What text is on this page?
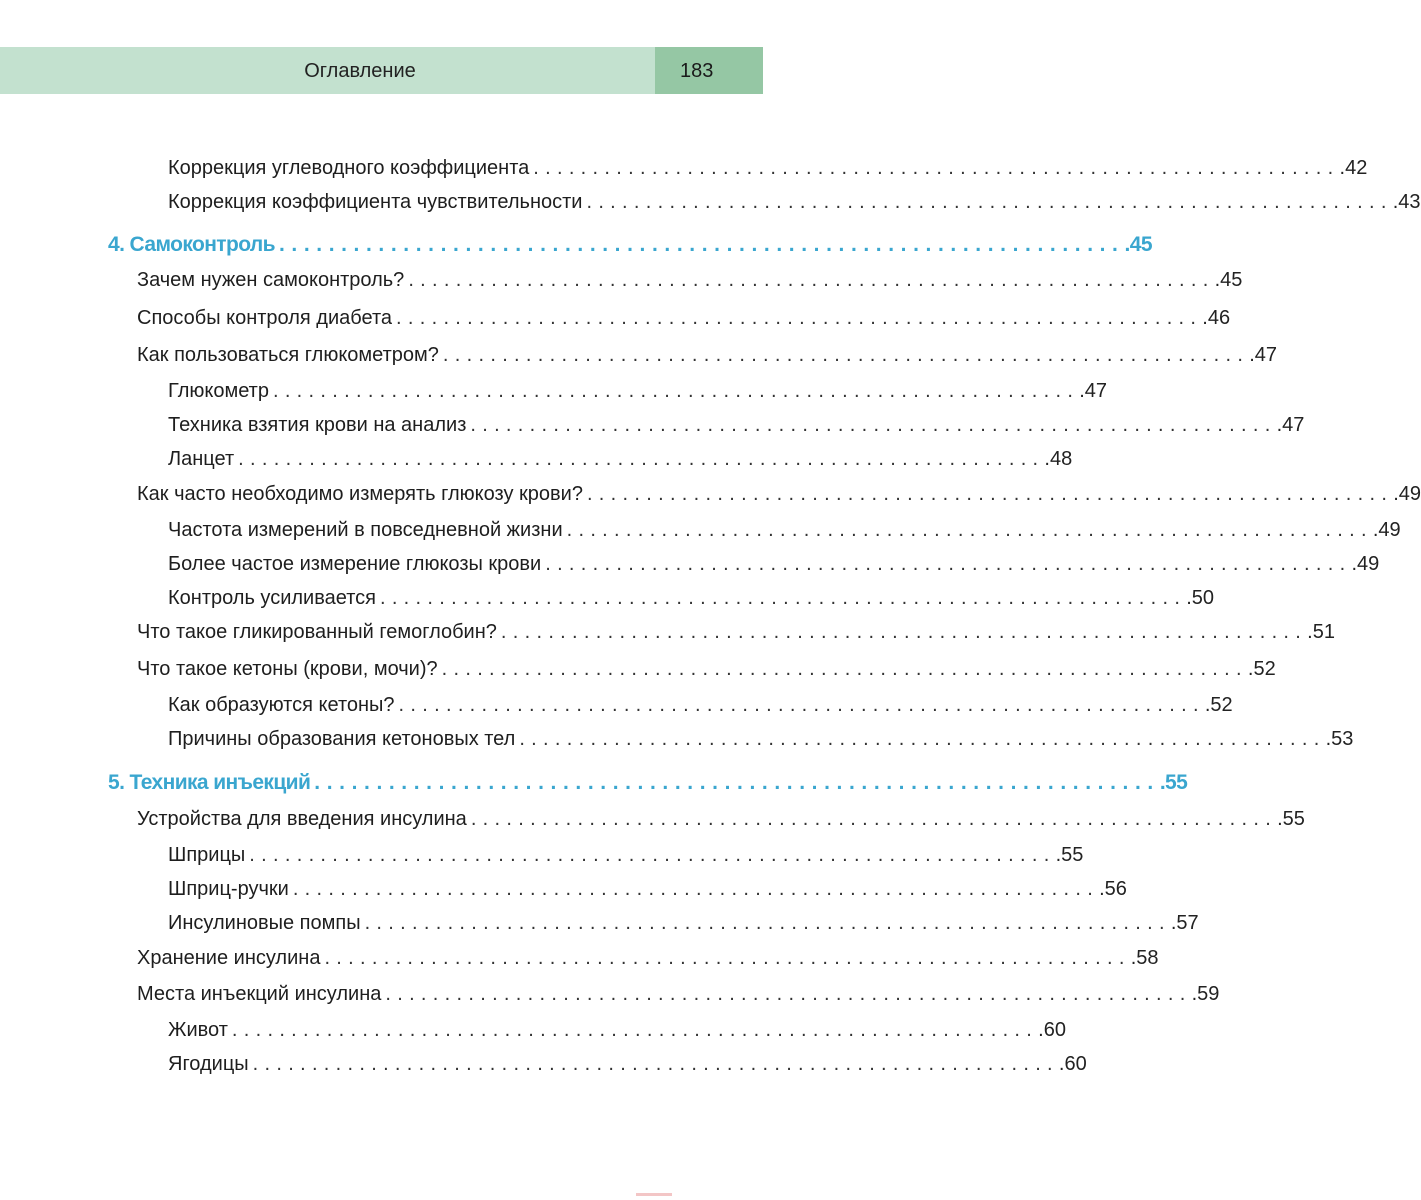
Оглавление	183
Коррекция углеводного коэффициента .................................................................... .42
Коррекция коэффициента чувствительности .................................................................... .43
4. Самоконтроль .................................................................... .45
Зачем нужен самоконтроль? .................................................................... .45
Способы контроля диабета .................................................................... .46
Как пользоваться глюкометром? .................................................................... .47
Глюкометр .................................................................... .47
Техника взятия крови на анализ .................................................................... .47
Ланцет .................................................................... .48
Как часто необходимо измерять глюкозу крови? .................................................................... .49
Частота измерений в повседневной жизни .................................................................... .49
Более частое измерение глюкозы крови .................................................................... .49
Контроль усиливается .................................................................... .50
Что такое гликированный гемоглобин? .................................................................... .51
Что такое кетоны (крови, мочи)? .................................................................... .52
Как образуются кетоны? .................................................................... .52
Причины образования кетоновых тел .................................................................... .53
5. Техника инъекций .................................................................... .55
Устройства для введения инсулина .................................................................... .55
Шприцы .................................................................... .55
Шприц-ручки .................................................................... .56
Инсулиновые помпы .................................................................... .57
Хранение инсулина .................................................................... .58
Места инъекций инсулина .................................................................... .59
Живот .................................................................... .60
Ягодицы .................................................................... .60
